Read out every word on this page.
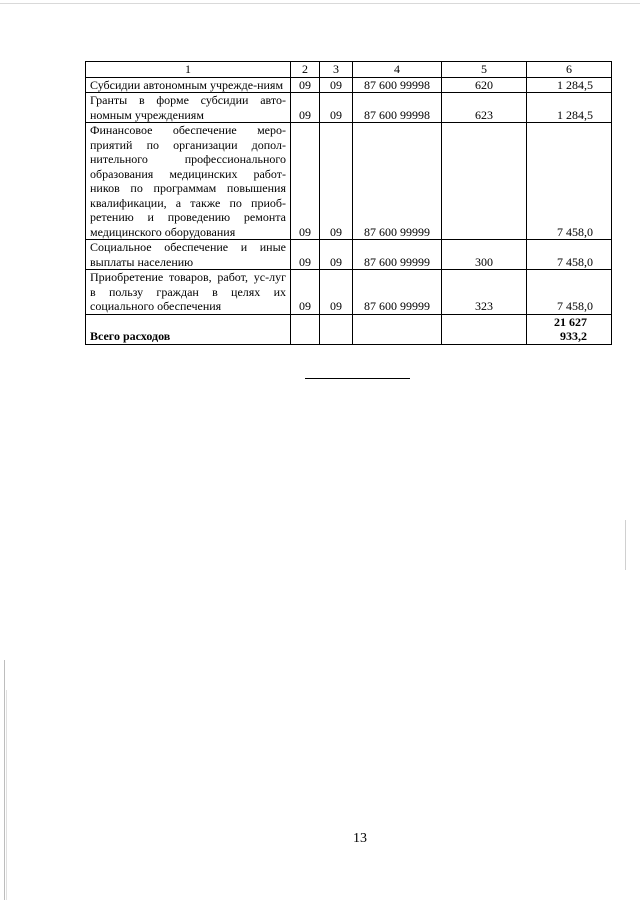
1	2	3	4	5	6
Субсидии автономным учрежде-ниям	09	09	87 600 99998	620	1 284,5
Гранты в форме субсидии авто-номным учреждениям	09	09	87 600 99998	623	1 284,5
Финансовое обеспечение меро-приятий по организации допол-нительного профессионального образования медицинских работ-ников по программам повышения квалификации, а также по приоб-ретению и проведению ремонта медицинского оборудования	09	09	87 600 99999		7 458,0
Социальное обеспечение и иные выплаты населению	09	09	87 600 99999	300	7 458,0
Приобретение товаров, работ, ус-луг в пользу граждан в целях их социального обеспечения	09	09	87 600 99999	323	7 458,0
Всего расходов					21 627 933,2
13
